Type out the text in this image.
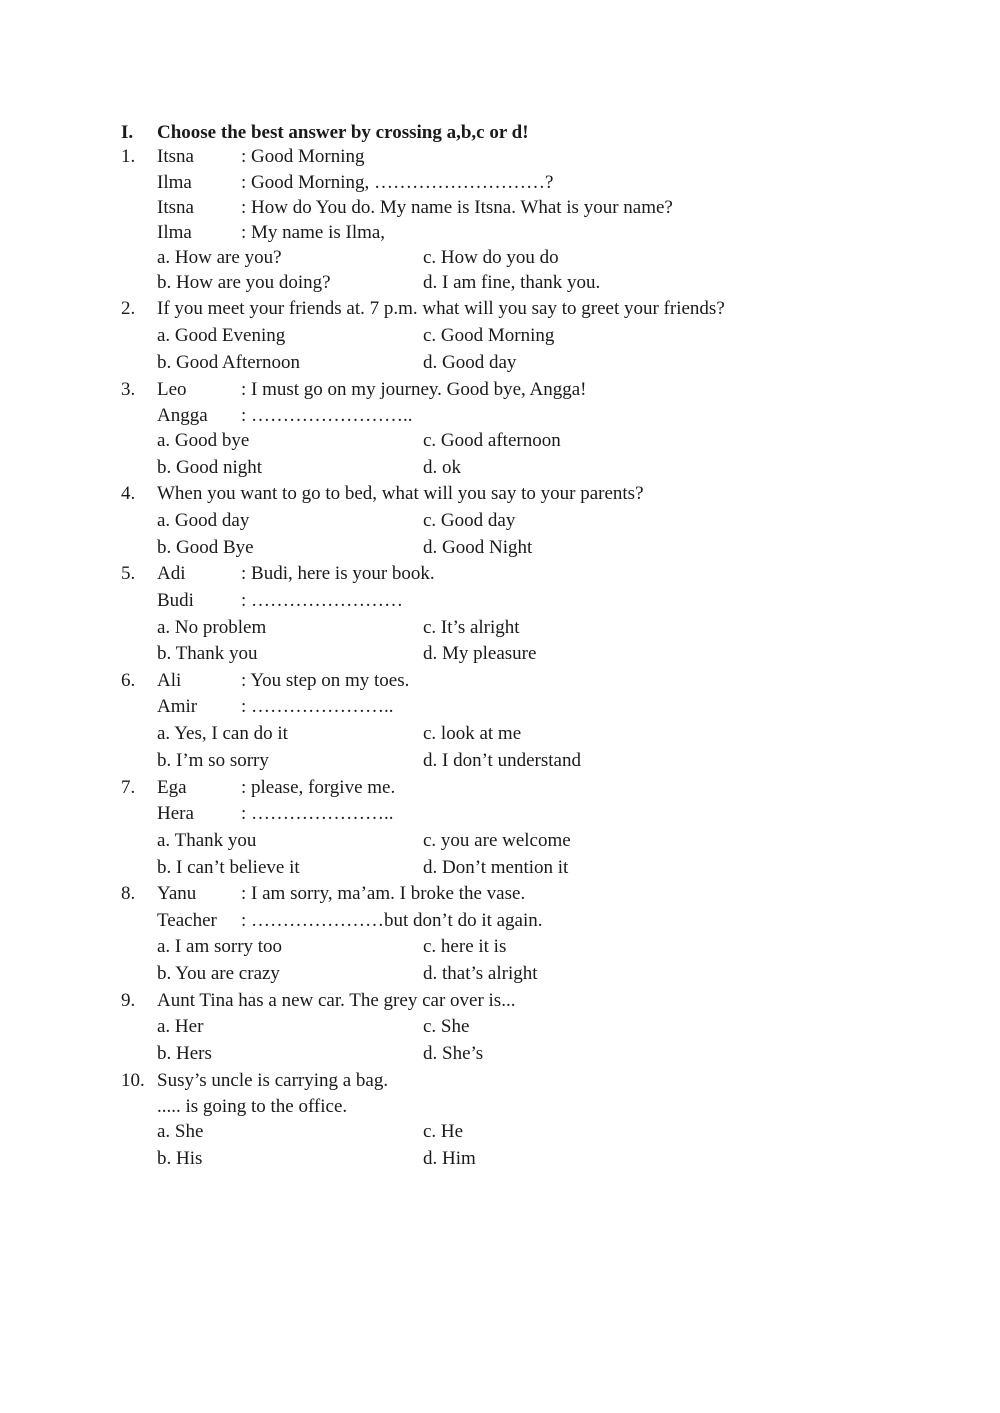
I. Choose the best answer by crossing a,b,c or d!
1. Itsna : Good Morning
Ilma	: Good Morning, ………………………?
Itsna : How do You do. My name is Itsna. What is your name?
Ilma	: My name is Ilma,
a. How are you?	c. How do you do
b. How are you doing?	d. I am fine, thank you.
2. If you meet your friends at. 7 p.m. what will you say to greet your friends?
a. Good Evening	c. Good Morning
b. Good Afternoon	d. Good day
3. Leo	: I must go on my journey. Good bye, Angga!
Angga : ……………………..
a. Good bye	c. Good afternoon
b. Good night	d. ok
4. When you want to go to bed, what will you say to your parents?
a. Good day	c. Good day
b. Good Bye	d. Good Night
5. Adi	: Budi, here is your book.
Budi : ……………………
a. No problem	c. It’s alright
b. Thank you	d. My pleasure
6. Ali	: You step on my toes.
Amir : …………………..
a. Yes, I can do it	c. look at me
b. I’m so sorry	d. I don’t understand
7. Ega	: please, forgive me.
Hera : …………………..
a. Thank you	c. you are welcome
b. I can’t believe it	d. Don’t mention it
8. Yanu : I am sorry, ma’am. I broke the vase.
Teacher : …………………but don’t do it again.
a. I am sorry too	c. here it is
b. You are crazy	d. that’s alright
9. Aunt Tina has a new car. The grey car over is...
a. Her	c. She
b. Hers	d. She’s
10. Susy’s uncle is carrying a bag.
..... is going to the office.
a. She	c. He
b. His	d. Him
